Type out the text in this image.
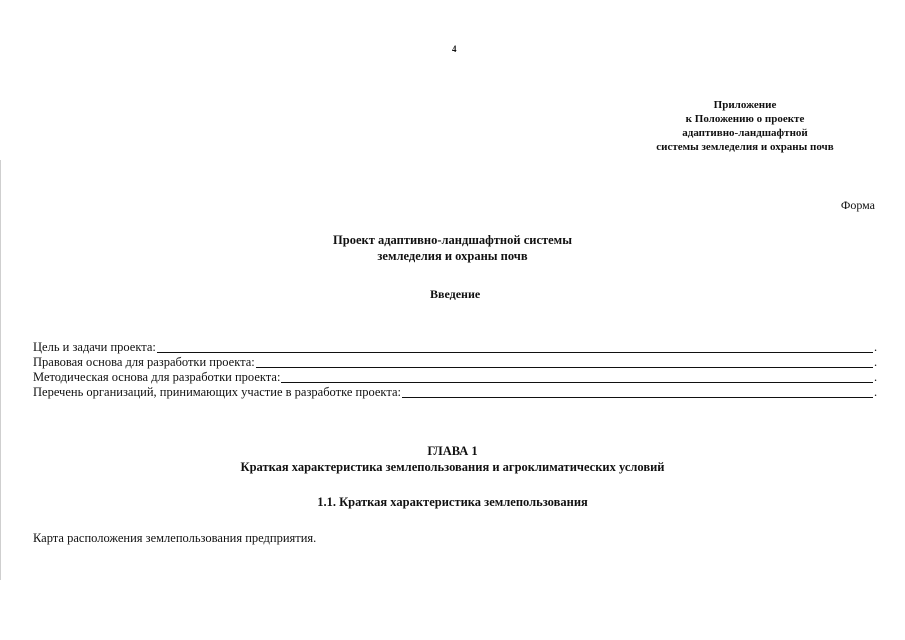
4
Приложение
к Положению о проекте
адаптивно-ландшафтной
системы земледелия и охраны почв
Форма
Проект адаптивно-ландшафтной системы
земледелия и охраны почв
Введение
Цель и задачи проекта:	.
Правовая основа для разработки проекта:	.
Методическая основа для разработки проекта:	.
Перечень организаций, принимающих участие в разработке проекта:	.
ГЛАВА 1
Краткая характеристика землепользования и агроклиматических условий
1.1. Краткая характеристика землепользования
Карта расположения землепользования предприятия.
